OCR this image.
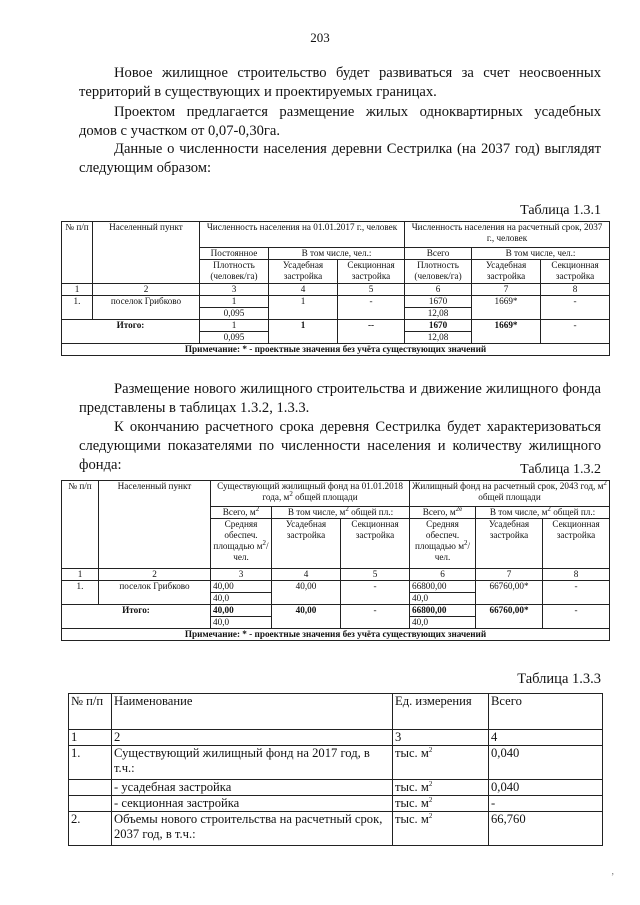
203
Новое жилищное строительство будет развиваться за счет неосвоенных территорий в существующих и проектируемых границах.
Проектом предлагается размещение жилых одноквартирных усадебных домов с участком от 0,07-0,30га.
Данные о численности населения деревни Сестрилка (на 2037 год) выглядят следующим образом:
Таблица 1.3.1
№ п/п	Населенный пункт	Численность населения на 01.01.2017 г., человек			Численность населения на расчетный срок, 2037 г., человек		
		Постоянное	В том числе, чел.:		Всего	В том числе, чел.:	
		Плотность (человек/га)	Усадебная застройка	Секционная застройка	Плотность (человек/га)	Усадебная застройка	Секционная застройка
1	2	3	4	5	6	7	8
1.	поселок Грибково	1	1	-	1670	1669*	-
		0,095			12,08		
Итого:		1	1	--	1670	1669*	-
		0,095			12,08		
Примечание: * - проектные значения без учёта существующих значений							
Размещение нового жилищного строительства и движение жилищного фонда представлены в таблицах 1.3.2, 1.3.3.
К окончанию расчетного срока деревня Сестрилка будет характеризоваться следующими показателями по численности населения и количеству жилищного фонда:	Таблица 1.3.2
№ п/п	Населенный пункт	Существующий жилищный фонд на 01.01.2018 года, $м^2$ общей площади			Жилищный фонд на расчетный срок, 2043 год, $м^2$ общей площади		
		Всего, $м^2$	В том числе, $м^2$ общей пл.:		Всего, $м^{2е}$	В том числе, $м^2$ общей пл.:	
		Средняя обеспеч. площадью $м^2$/чел.	Усадебная застройка	Секционная застройка	Средняя обеспеч. площадью $м^2$/чел.	Усадебная застройка	Секционная застройка
1	2	3	4	5	6	7	8
1.	поселок Грибково	40,00	40,00	-	66800,00	66760,00*	-
		40,0			40,0		
Итого:		40,00	40,00	-	66800,00	66760,00*	-
		40,0			40,0		
Примечание: * - проектные значения без учёта существующих значений							
Таблица 1.3.3
№ п/п	Наименование	Ед. измерения	Всего
1	2	3	4
1.	Существующий жилищный фонд на 2017 год, в т.ч.:	тыс. $м^2$	0,040
	- усадебная застройка	тыс. $м^2$	0,040
	- секционная застройка	тыс. $м^2$	-
2.	Объемы нового строительства на расчетный срок, 2037 год, в т.ч.:	тыс. $м^2$	66,760
,
